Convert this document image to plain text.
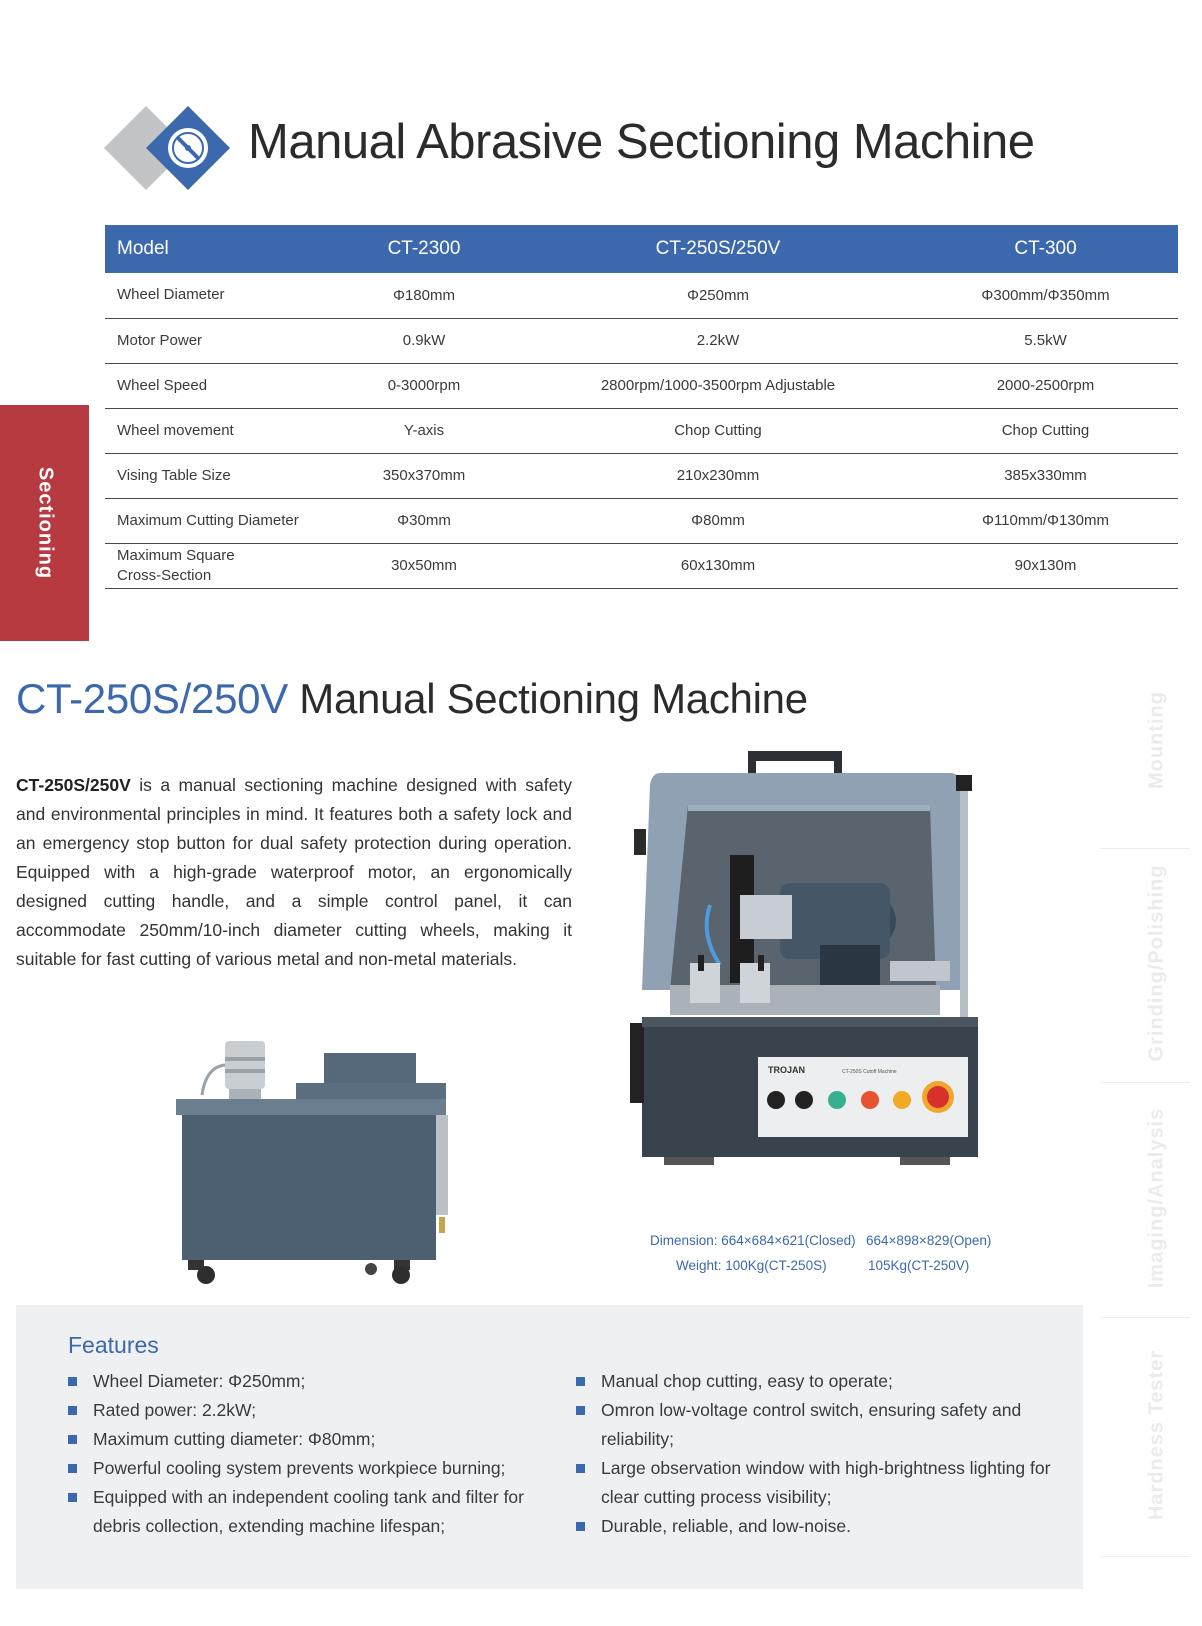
Manual Abrasive Sectioning Machine
Model	CT-2300	CT-250S/250V	CT-300
Wheel Diameter	Φ180mm	Φ250mm	Φ300mm/Φ350mm
Motor Power	0.9kW	2.2kW	5.5kW
Wheel Speed	0-3000rpm	2800rpm/1000-3500rpm Adjustable	2000-2500rpm
Wheel movement	Y-axis	Chop Cutting	Chop Cutting
Vising Table Size	350x370mm	210x230mm	385x330mm
Maximum Cutting Diameter	Φ30mm	Φ80mm	Φ110mm/Φ130mm
Maximum Square Cross-Section	30x50mm	60x130mm	90x130m
Sectioning
Mounting
Grinding/Polishing
Imaging/Analysis
Hardness Tester
CT-250S/250V Manual Sectioning Machine

CT-250S/250V is a manual sectioning machine designed with safety and environmental principles in mind. It features both a safety lock and an emergency stop button for dual safety protection during operation. Equipped with a high-grade waterproof motor, an ergonomically designed cutting handle, and a simple control panel, it can accommodate 250mm/10-inch diameter cutting wheels, making it suitable for fast cutting of various metal and non-metal materials.

TROJAN	CT-250S Cutoff Machine
Dimension: 664×684×621(Closed) 664×898×829(Open)
Weight: 100Kg(CT-250S)	105Kg(CT-250V)
Features
Wheel Diameter: Φ250mm;
Rated power: 2.2kW;
Maximum cutting diameter: Φ80mm;
Powerful cooling system prevents workpiece burning;
Equipped with an independent cooling tank and filter for debris collection, extending machine lifespan;
Manual chop cutting, easy to operate;
Omron low-voltage control switch, ensuring safety and reliability;
Large observation window with high-brightness lighting for clear cutting process visibility;
Durable, reliable, and low-noise.
